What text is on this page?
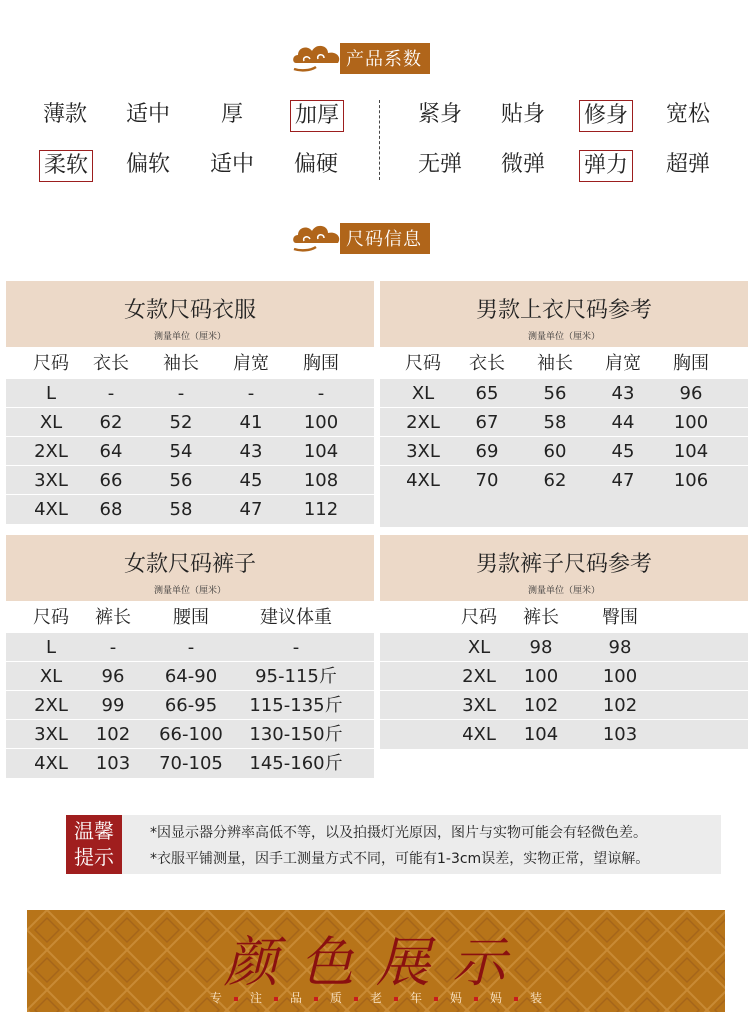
产品系数
薄款	适中	厚	加厚	紧身	贴身	修身	宽松
柔软	偏软	适中	偏硬	无弹	微弹	弹力	超弹
尺码信息
女款尺码衣服
测量单位（厘米）
尺码	衣长	袖长	肩宽	胸围
L	-	-	-	-
XL	62	52	41	100
2XL	64	54	43	104
3XL	66	56	45	108
4XL	68	58	47	112
男款上衣尺码参考
测量单位（厘米）
尺码	衣长	袖长	肩宽	胸围
XL	65	56	43	96
2XL	67	58	44	100
3XL	69	60	45	104
4XL	70	62	47	106
女款尺码裤子
测量单位（厘米）
尺码	裤长	腰围	建议体重
L	-	-	-
XL	96	64-90	95-115斤
2XL	99	66-95	115-135斤
3XL	102	66-100	130-150斤
4XL	103	70-105	145-160斤
男款裤子尺码参考
测量单位（厘米）
尺码	裤长	臀围
XL	98	98
2XL	100	100
3XL	102	102
4XL	104	103
温馨
提示
*因显示器分辨率高低不等，以及拍摄灯光原因，图片与实物可能会有轻微色差。
*衣服平铺测量，因手工测量方式不同，可能有1-3cm误差，实物正常，望谅解。
颜色展示
专 注 品 质 老 年 妈 妈 装
